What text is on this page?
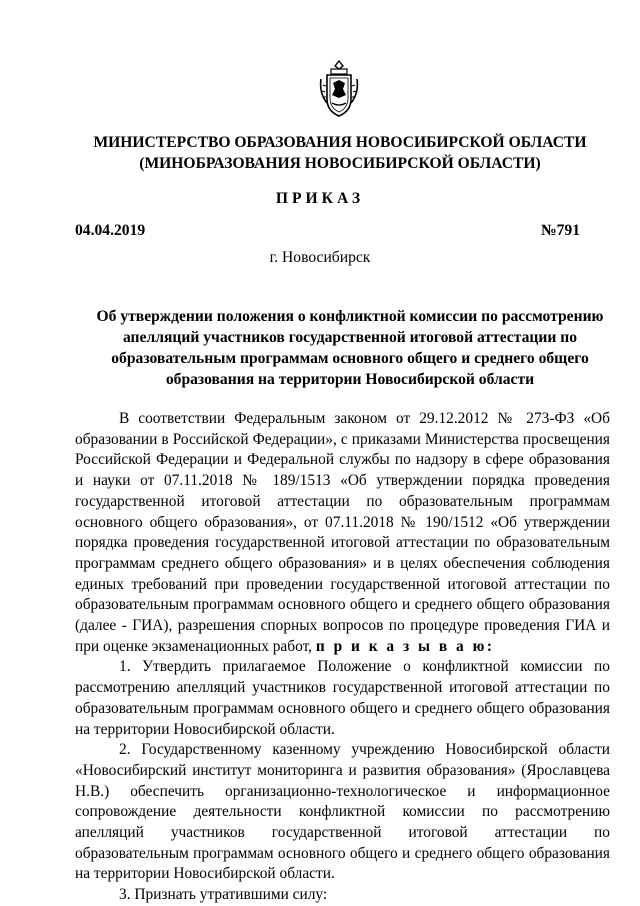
МИНИСТЕРСТВО ОБРАЗОВАНИЯ НОВОСИБИРСКОЙ ОБЛАСТИ
(МИНОБРАЗОВАНИЯ НОВОСИБИРСКОЙ ОБЛАСТИ)
ПРИКАЗ
04.04.2019	№791
г. Новосибирск
Об утверждении положения о конфликтной комиссии по рассмотрению апелляций участников государственной итоговой аттестации по образовательным программам основного общего и среднего общего образования на территории Новосибирской области

В соответствии Федеральным законом от 29.12.2012 № 273-ФЗ «Об образовании в Российской Федерации», с приказами Министерства просвещения Российской Федерации и Федеральной службы по надзору в сфере образования и науки от 07.11.2018 № 189/1513 «Об утверждении порядка проведения государственной итоговой аттестации по образовательным программам основного общего образования», от 07.11.2018 № 190/1512 «Об утверждении порядка проведения государственной итоговой аттестации по образовательным программам среднего общего образования» и в целях обеспечения соблюдения единых требований при проведении государственной итоговой аттестации по образовательным программам основного общего и среднего общего образования (далее - ГИА), разрешения спорных вопросов по процедуре проведения ГИА и при оценке экзаменационных работ, п р и к а з ы в а ю:

1. Утвердить прилагаемое Положение о конфликтной комиссии по рассмотрению апелляций участников государственной итоговой аттестации по образовательным программам основного общего и среднего общего образования на территории Новосибирской области.

2. Государственному казенному учреждению Новосибирской области «Новосибирский институт мониторинга и развития образования» (Ярославцева Н.В.) обеспечить организационно-технологическое и информационное сопровождение деятельности конфликтной комиссии по рассмотрению апелляций участников государственной итоговой аттестации по образовательным программам основного общего и среднего общего образования на территории Новосибирской области.

3. Признать утратившими силу:
